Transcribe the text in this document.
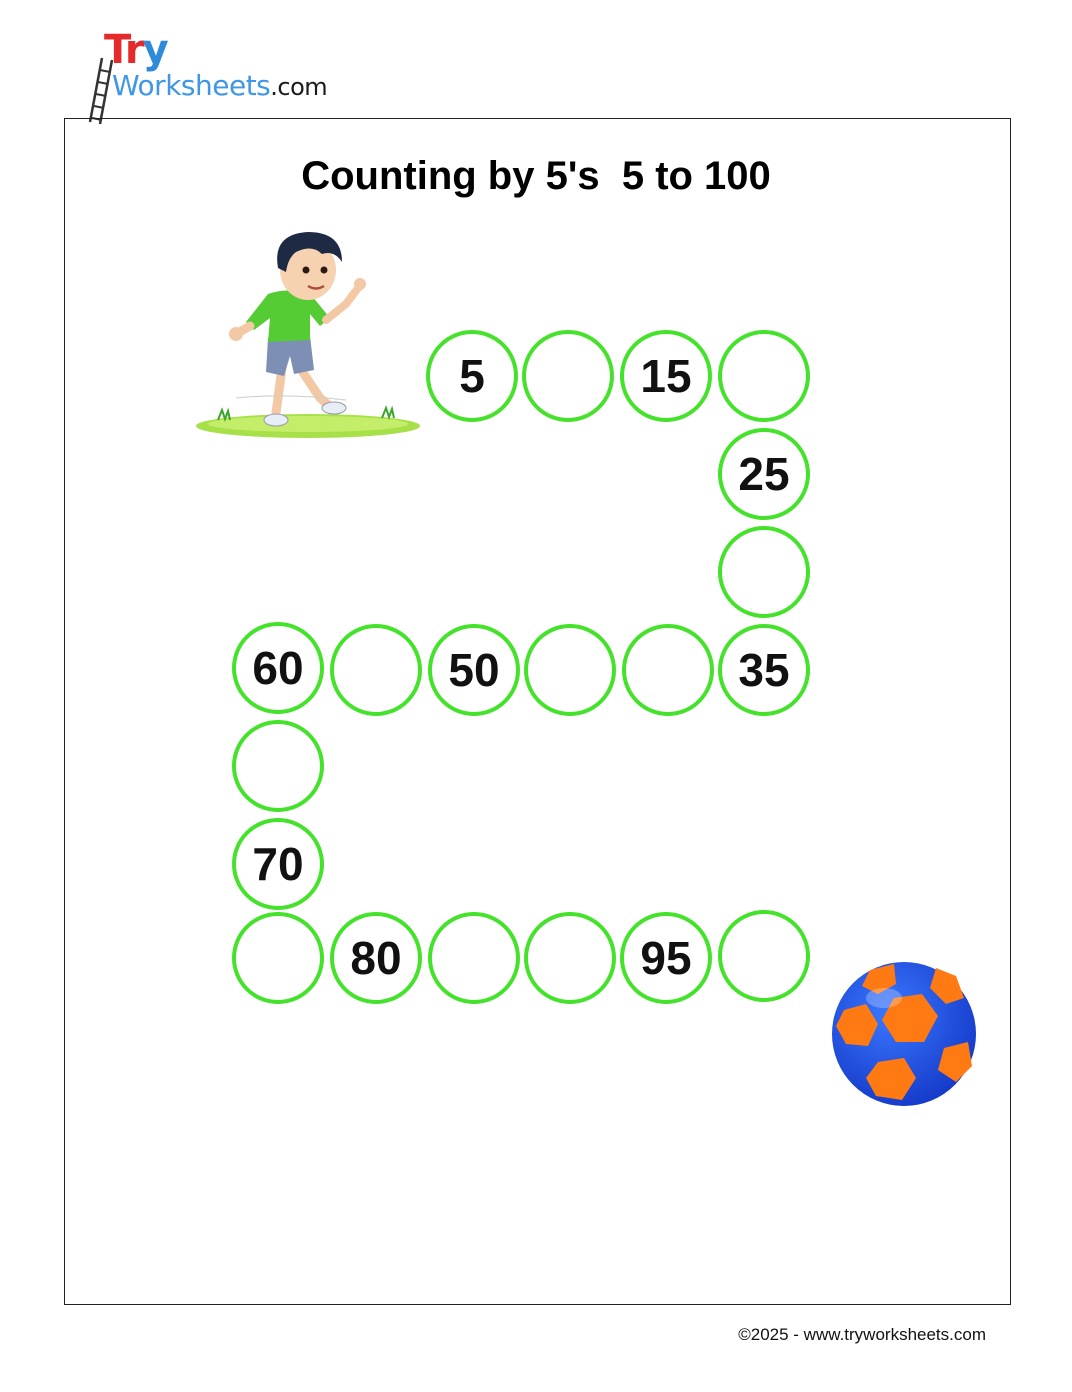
Try
Worksheets.com
Counting by 5's  5 to 100
5	15
25
35
50
60
70
80	95
©2025 - www.tryworksheets.com
